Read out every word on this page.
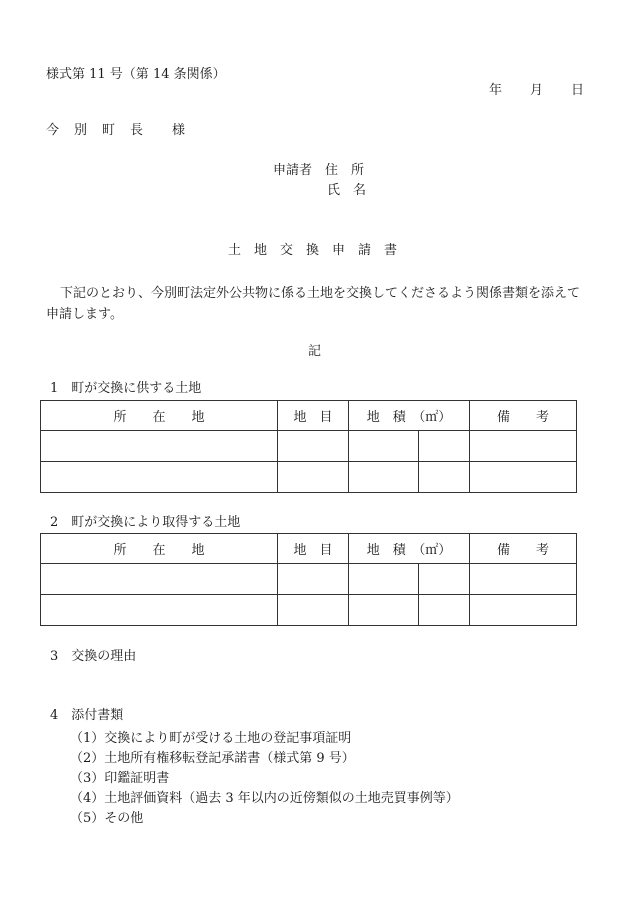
様式第 11 号（第 14 条関係）
年 月 日
今　別　町　長　　様
申請者　住　所
氏　名
土　地　交　換　申　請　書
下記のとおり、今別町法定外公共物に係る土地を交換してくださるよう関係書類を添えて申請します。
記
1　町が交換に供する土地
所　　在　　地	地　目	地　積　（㎡）		備　　考

2　町が交換により取得する土地
所　　在　　地	地　目	地　積　（㎡）		備　　考

3　交換の理由
4　添付書類
（1）交換により町が受ける土地の登記事項証明
（2）土地所有権移転登記承諾書（様式第 9 号）
（3）印鑑証明書
（4）土地評価資料（過去 3 年以内の近傍類似の土地売買事例等）
（5）その他
